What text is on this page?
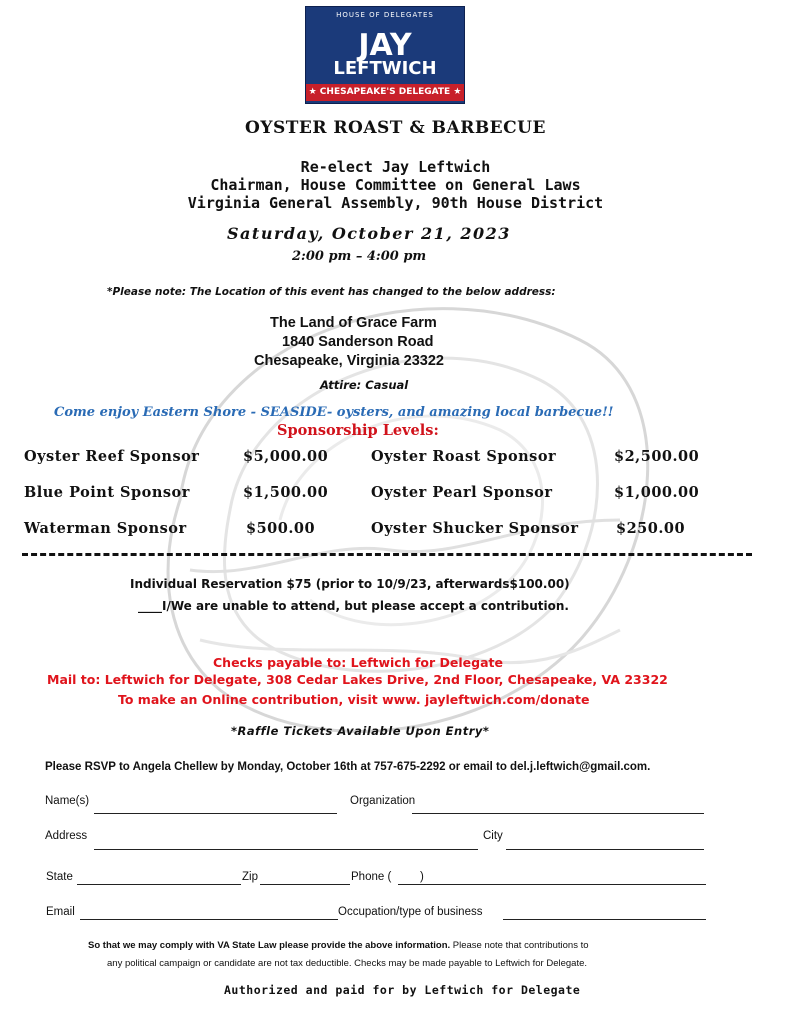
HOUSE OF DELEGATES
JAY
LEFTWICH
★ CHESAPEAKE'S DELEGATE ★
OYSTER ROAST & BARBECUE
Re-elect Jay Leftwich
Chairman, House Committee on General Laws
Virginia General Assembly, 90th House District
Saturday, October 21, 2023
2:00 pm – 4:00 pm
*Please note: The Location of this event has changed to the below address:
The Land of Grace Farm
1840 Sanderson Road
Chesapeake, Virginia 23322
Attire: Casual
Come enjoy Eastern Shore - SEASIDE- oysters, and amazing local barbecue!!
Sponsorship Levels:
Oyster Reef Sponsor	$5,000.00	Oyster Roast Sponsor	$2,500.00
Blue Point Sponsor	$1,500.00	Oyster Pearl Sponsor	$1,000.00
Waterman Sponsor	$500.00	Oyster Shucker Sponsor	$250.00
Individual Reservation $75 (prior to 10/9/23, afterwards$100.00)
____I/We are unable to attend, but please accept a contribution.
Checks payable to: Leftwich for Delegate
Mail to: Leftwich for Delegate, 308 Cedar Lakes Drive, 2nd Floor, Chesapeake, VA 23322
To make an Online contribution, visit www. jayleftwich.com/donate
*Raffle Tickets Available Upon Entry*
Please RSVP to Angela Chellew by Monday, October 16th at 757-675-2292 or email to del.j.leftwich@gmail.com.
Name(s)	Organization
Address	City
State	Zip	Phone ( )
Email	Occupation/type of business
So that we may comply with VA State Law please provide the above information. Please note that contributions to
any political campaign or candidate are not tax deductible. Checks may be made payable to Leftwich for Delegate.
Authorized and paid for by Leftwich for Delegate
